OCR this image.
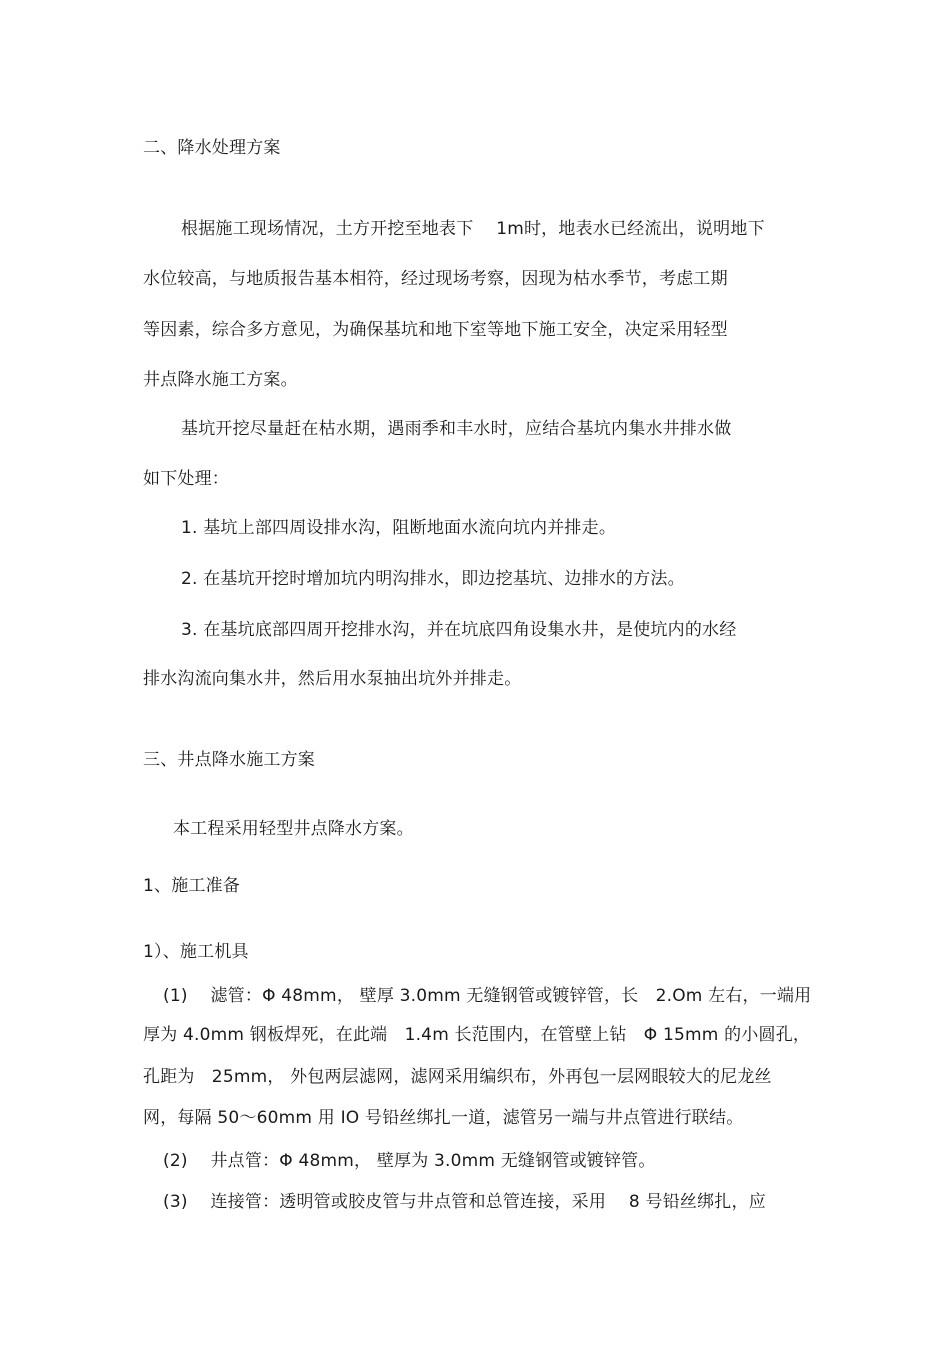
二、降水处理方案
根据施工现场情况，土方开挖至地表下　 1m时，地表水已经流出，说明地下
水位较高，与地质报告基本相符，经过现场考察，因现为枯水季节，考虑工期
等因素，综合多方意见，为确保基坑和地下室等地下施工安全，决定采用轻型
井点降水施工方案。
基坑开挖尽量赶在枯水期，遇雨季和丰水时，应结合基坑内集水井排水做
如下处理：
1. 基坑上部四周设排水沟，阻断地面水流向坑内并排走。
2. 在基坑开挖时增加坑内明沟排水，即边挖基坑、边排水的方法。
3. 在基坑底部四周开挖排水沟，并在坑底四角设集水井，是使坑内的水经
排水沟流向集水井，然后用水泵抽出坑外并排走。
三、井点降水施工方案
本工程采用轻型井点降水方案。
1、施工准备
1）、施工机具
(1)　 滤管：Φ 48mm， 壁厚 3.0mm 无缝钢管或镀锌管，长　2.Om 左右，一端用
厚为 4.0mm 钢板焊死，在此端　1.4m 长范围内，在管壁上钻　Φ 15mm 的小圆孔，
孔距为　25mm， 外包两层滤网，滤网采用编织布，外再包一层网眼较大的尼龙丝
网，每隔 50～60mm 用 IO 号铅丝绑扎一道，滤管另一端与井点管进行联结。
(2)　 井点管：Φ 48mm， 壁厚为 3.0mm 无缝钢管或镀锌管。
(3)　 连接管：透明管或胶皮管与井点管和总管连接，采用　 8 号铅丝绑扎，应
